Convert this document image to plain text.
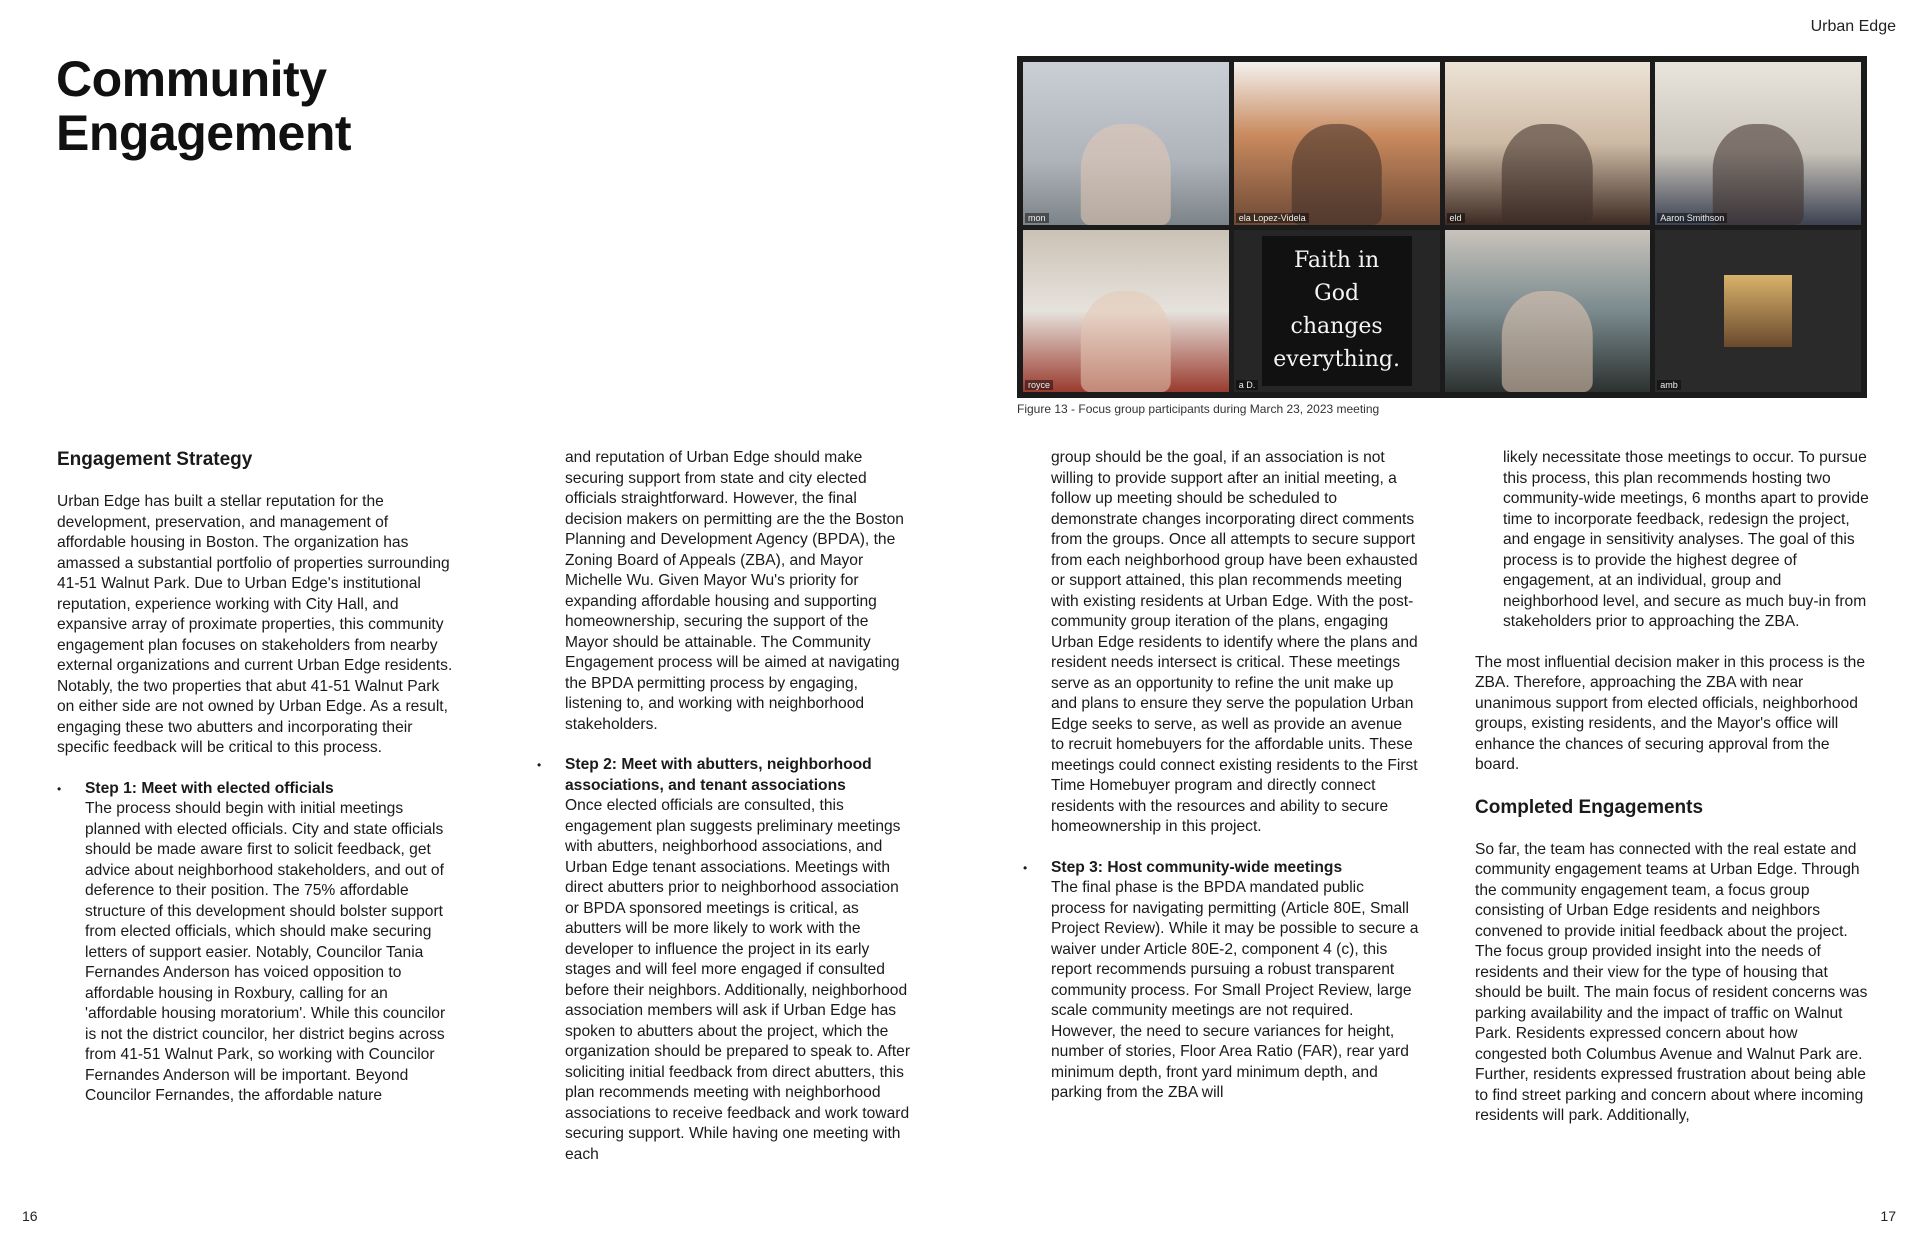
Urban Edge
Community
Engagement
mon	ela Lopez-Videla	eld	Aaron Smithson
royce
Faith in
God
changes
everything.
a D.	amb
Figure 13 - Focus group participants during March 23, 2023 meeting
Engagement Strategy

Urban Edge has built a stellar reputation for the development, preservation, and management of affordable housing in Boston. The organization has amassed a substantial portfolio of properties surrounding 41-51 Walnut Park. Due to Urban Edge's institutional reputation, experience working with City Hall, and expansive array of proximate properties, this community engagement plan focuses on stakeholders from nearby external organizations and current Urban Edge residents. Notably, the two properties that abut 41-51 Walnut Park on either side are not owned by Urban Edge. As a result, engaging these two abutters and incorporating their specific feedback will be critical to this process.

• Step 1: Meet with elected officials
The process should begin with initial meetings planned with elected officials. City and state officials should be made aware first to solicit feedback, get advice about neighborhood stakeholders, and out of deference to their position. The 75% affordable structure of this development should bolster support from elected officials, which should make securing letters of support easier. Notably, Councilor Tania Fernandes Anderson has voiced opposition to affordable housing in Roxbury, calling for an 'affordable housing moratorium'. While this councilor is not the district councilor, her district begins across from 41-51 Walnut Park, so working with Councilor Fernandes Anderson will be important. Beyond Councilor Fernandes, the affordable nature

and reputation of Urban Edge should make securing support from state and city elected officials straightforward. However, the final decision makers on permitting are the the Boston Planning and Development Agency (BPDA), the Zoning Board of Appeals (ZBA), and Mayor Michelle Wu. Given Mayor Wu's priority for expanding affordable housing and supporting homeownership, securing the support of the Mayor should be attainable. The Community Engagement process will be aimed at navigating the BPDA permitting process by engaging, listening to, and working with neighborhood stakeholders.

• Step 2: Meet with abutters, neighborhood associations, and tenant associations
Once elected officials are consulted, this engagement plan suggests preliminary meetings with abutters, neighborhood associations, and Urban Edge tenant associations. Meetings with direct abutters prior to neighborhood association or BPDA sponsored meetings is critical, as abutters will be more likely to work with the developer to influence the project in its early stages and will feel more engaged if consulted before their neighbors. Additionally, neighborhood association members will ask if Urban Edge has spoken to abutters about the project, which the organization should be prepared to speak to. After soliciting initial feedback from direct abutters, this plan recommends meeting with neighborhood associations to receive feedback and work toward securing support. While having one meeting with each

group should be the goal, if an association is not willing to provide support after an initial meeting, a follow up meeting should be scheduled to demonstrate changes incorporating direct comments from the groups. Once all attempts to secure support from each neighborhood group have been exhausted or support attained, this plan recommends meeting with existing residents at Urban Edge. With the post-community group iteration of the plans, engaging Urban Edge residents to identify where the plans and resident needs intersect is critical. These meetings serve as an opportunity to refine the unit make up and plans to ensure they serve the population Urban Edge seeks to serve, as well as provide an avenue to recruit homebuyers for the affordable units. These meetings could connect existing residents to the First Time Homebuyer program and directly connect residents with the resources and ability to secure homeownership in this project.

• Step 3: Host community-wide meetings
The final phase is the BPDA mandated public process for navigating permitting (Article 80E, Small Project Review). While it may be possible to secure a waiver under Article 80E-2, component 4 (c), this report recommends pursuing a robust transparent community process. For Small Project Review, large scale community meetings are not required. However, the need to secure variances for height, number of stories, Floor Area Ratio (FAR), rear yard minimum depth, front yard minimum depth, and parking from the ZBA will

likely necessitate those meetings to occur. To pursue this process, this plan recommends hosting two community-wide meetings, 6 months apart to provide time to incorporate feedback, redesign the project, and engage in sensitivity analyses. The goal of this process is to provide the highest degree of engagement, at an individual, group and neighborhood level, and secure as much buy-in from stakeholders prior to approaching the ZBA.

The most influential decision maker in this process is the ZBA. Therefore, approaching the ZBA with near unanimous support from elected officials, neighborhood groups, existing residents, and the Mayor's office will enhance the chances of securing approval from the board.

Completed Engagements

So far, the team has connected with the real estate and community engagement teams at Urban Edge. Through the community engagement team, a focus group consisting of Urban Edge residents and neighbors convened to provide initial feedback about the project. The focus group provided insight into the needs of residents and their view for the type of housing that should be built. The main focus of resident concerns was parking availability and the impact of traffic on Walnut Park. Residents expressed concern about how congested both Columbus Avenue and Walnut Park are. Further, residents expressed frustration about being able to find street parking and concern about where incoming residents will park. Additionally,

16	17
